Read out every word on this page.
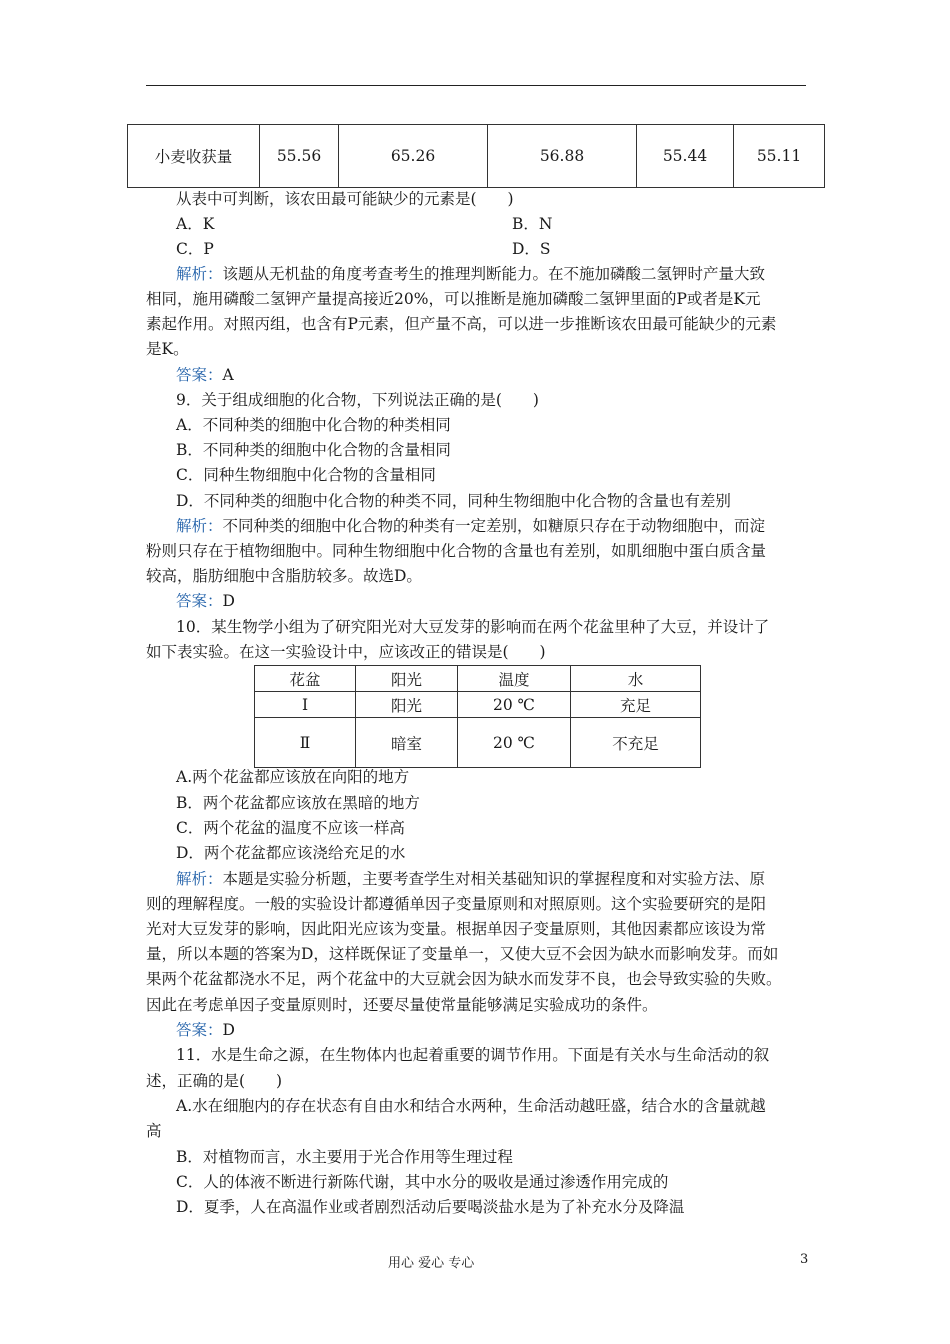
小麦收获量	55.56	65.26	56.88	55.44	55.11
从表中可判断，该农田最可能缺少的元素是(　　)
A．K	B．N
C．P	D．S
解析：该题从无机盐的角度考查考生的推理判断能力。在不施加磷酸二氢钾时产量大致
相同，施用磷酸二氢钾产量提高接近20%，可以推断是施加磷酸二氢钾里面的P或者是K元
素起作用。对照丙组，也含有P元素，但产量不高，可以进一步推断该农田最可能缺少的元素
是K。
答案：A
9．关于组成细胞的化合物，下列说法正确的是(　　)
A．不同种类的细胞中化合物的种类相同
B．不同种类的细胞中化合物的含量相同
C．同种生物细胞中化合物的含量相同
D．不同种类的细胞中化合物的种类不同，同种生物细胞中化合物的含量也有差别
解析：不同种类的细胞中化合物的种类有一定差别，如糖原只存在于动物细胞中，而淀
粉则只存在于植物细胞中。同种生物细胞中化合物的含量也有差别，如肌细胞中蛋白质含量
较高，脂肪细胞中含脂肪较多。故选D。
答案：D
10．某生物学小组为了研究阳光对大豆发芽的影响而在两个花盆里种了大豆，并设计了
如下表实验。在这一实验设计中，应该改正的错误是(　　)
花盆	阳光	温度	水
Ⅰ	阳光	20 ℃	充足
Ⅱ	暗室	20 ℃	不充足
A.两个花盆都应该放在向阳的地方
B．两个花盆都应该放在黑暗的地方
C．两个花盆的温度不应该一样高
D．两个花盆都应该浇给充足的水
解析：本题是实验分析题，主要考查学生对相关基础知识的掌握程度和对实验方法、原
则的理解程度。一般的实验设计都遵循单因子变量原则和对照原则。这个实验要研究的是阳
光对大豆发芽的影响，因此阳光应该为变量。根据单因子变量原则，其他因素都应该设为常
量，所以本题的答案为D，这样既保证了变量单一，又使大豆不会因为缺水而影响发芽。而如
果两个花盆都浇水不足，两个花盆中的大豆就会因为缺水而发芽不良，也会导致实验的失败。
因此在考虑单因子变量原则时，还要尽量使常量能够满足实验成功的条件。
答案：D
11．水是生命之源，在生物体内也起着重要的调节作用。下面是有关水与生命活动的叙
述，正确的是(　　)
A.水在细胞内的存在状态有自由水和结合水两种，生命活动越旺盛，结合水的含量就越
高
B．对植物而言，水主要用于光合作用等生理过程
C．人的体液不断进行新陈代谢，其中水分的吸收是通过渗透作用完成的
D．夏季，人在高温作业或者剧烈活动后要喝淡盐水是为了补充水分及降温
用心 爱心 专心	3
